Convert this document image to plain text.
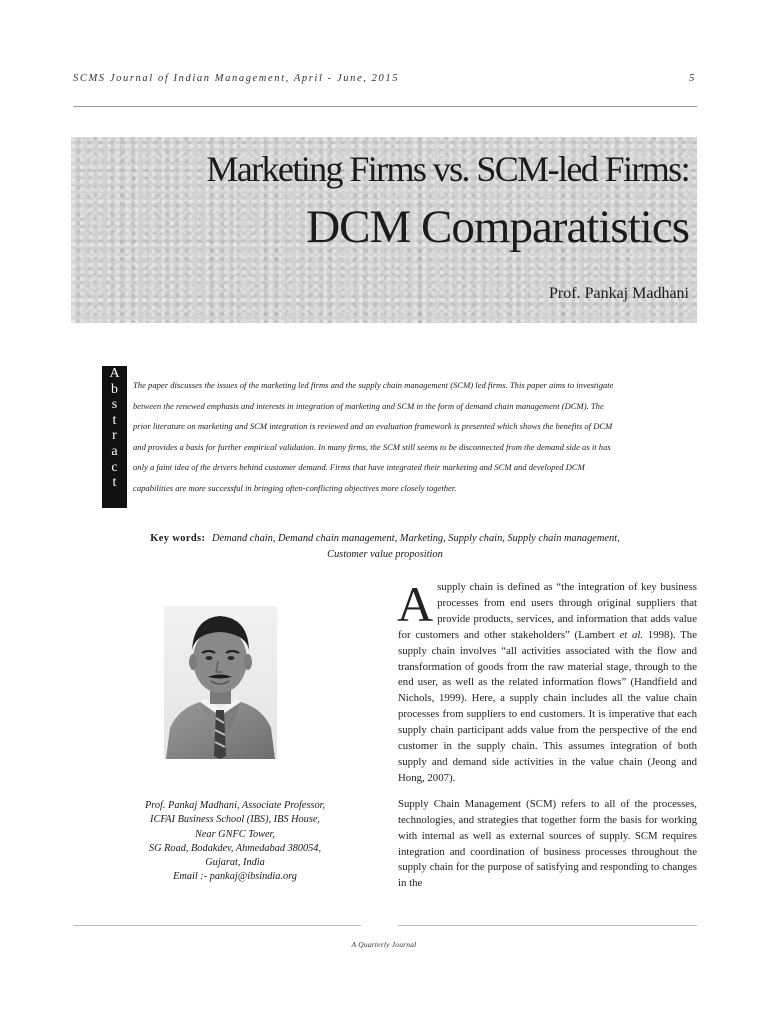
SCMS Journal of Indian Management, April - June, 2015	5
Marketing Firms vs. SCM-led Firms:
DCM Comparatistics
Prof. Pankaj Madhani
A
b
s
t
r
a
c
t
The paper discusses the issues of the marketing led firms and the supply chain management (SCM) led firms. This paper aims to investigate
between the renewed emphasis and interests in integration of marketing and SCM in the form of demand chain management (DCM). The
prior literature on marketing and SCM integration is reviewed and an evaluation framework is presented which shows the benefits of DCM
and provides a basis for further empirical validation. In many firms, the SCM still seems to be disconnected from the demand side as it has
only a faint idea of the drivers behind customer demand. Firms that have integrated their marketing and SCM and developed DCM
capabilities are more successful in bringing often-conflicting objectives more closely together.
Key words: Demand chain, Demand chain management, Marketing, Supply chain, Supply chain management,
Customer value proposition
Prof. Pankaj Madhani, Associate Professor,
ICFAI Business School (IBS), IBS House,
Near GNFC Tower,
SG Road, Bodakdev, Ahmedabad 380054,
Gujarat, India
Email :- pankaj@ibsindia.org

A supply chain is defined as “the integration of key business processes from end users through original suppliers that provide products, services, and information that adds value for customers and other stakeholders” (Lambert et al. 1998). The supply chain involves “all activities associated with the flow and transformation of goods from the raw material stage, through to the end user, as well as the related information flows” (Handfield and Nichols, 1999). Here, a supply chain includes all the value chain processes from suppliers to end customers. It is imperative that each supply chain participant adds value from the perspective of the end customer in the supply chain. This assumes integration of both supply and demand side activities in the value chain (Jeong and Hong, 2007).

Supply Chain Management (SCM) refers to all of the processes, technologies, and strategies that together form the basis for working with internal as well as external sources of supply. SCM requires integration and coordination of business processes throughout the supply chain for the purpose of satisfying and responding to changes in the

A Quarterly Journal
